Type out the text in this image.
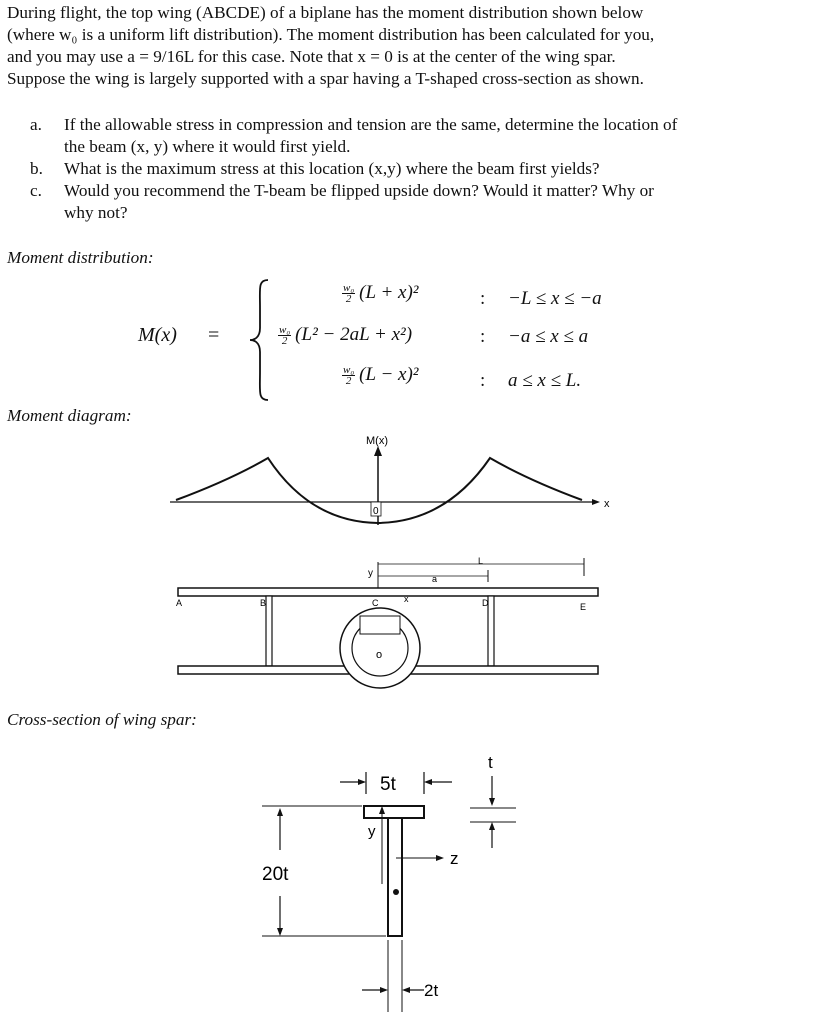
During flight, the top wing (ABCDE) of a biplane has the moment distribution shown below
(where w₀ is a uniform lift distribution). The moment distribution has been calculated for you,
and you may use a = 9/16L for this case. Note that x = 0 is at the center of the wing spar.
Suppose the wing is largely supported with a spar having a T-shaped cross-section as shown.
a.	If the allowable stress in compression and tension are the same, determine the location of
the beam (x, y) where it would first yield.
b.	What is the maximum stress at this location (x,y) where the beam first yields?
c.	Would you recommend the T-beam be flipped upside down? Would it matter? Why or
why not?
Moment distribution:
Moment diagram:
Cross-section of wing spar:
M(x) =
$\frac{\text{w₀}}{2} (L + x)^2$	: −L ≤ x ≤ −a
$\frac{\text{w₀}}{2} (L^2 - 2aL + x^2)$	: −a ≤ x ≤ a
$\frac{\text{w₀}}{2} (L - x)^2$	: a ≤ x ≤ L.
M(x)
x
0
y	a
L
x
o
A	B	C	D	E
5t
t
y
z
20t
2t
